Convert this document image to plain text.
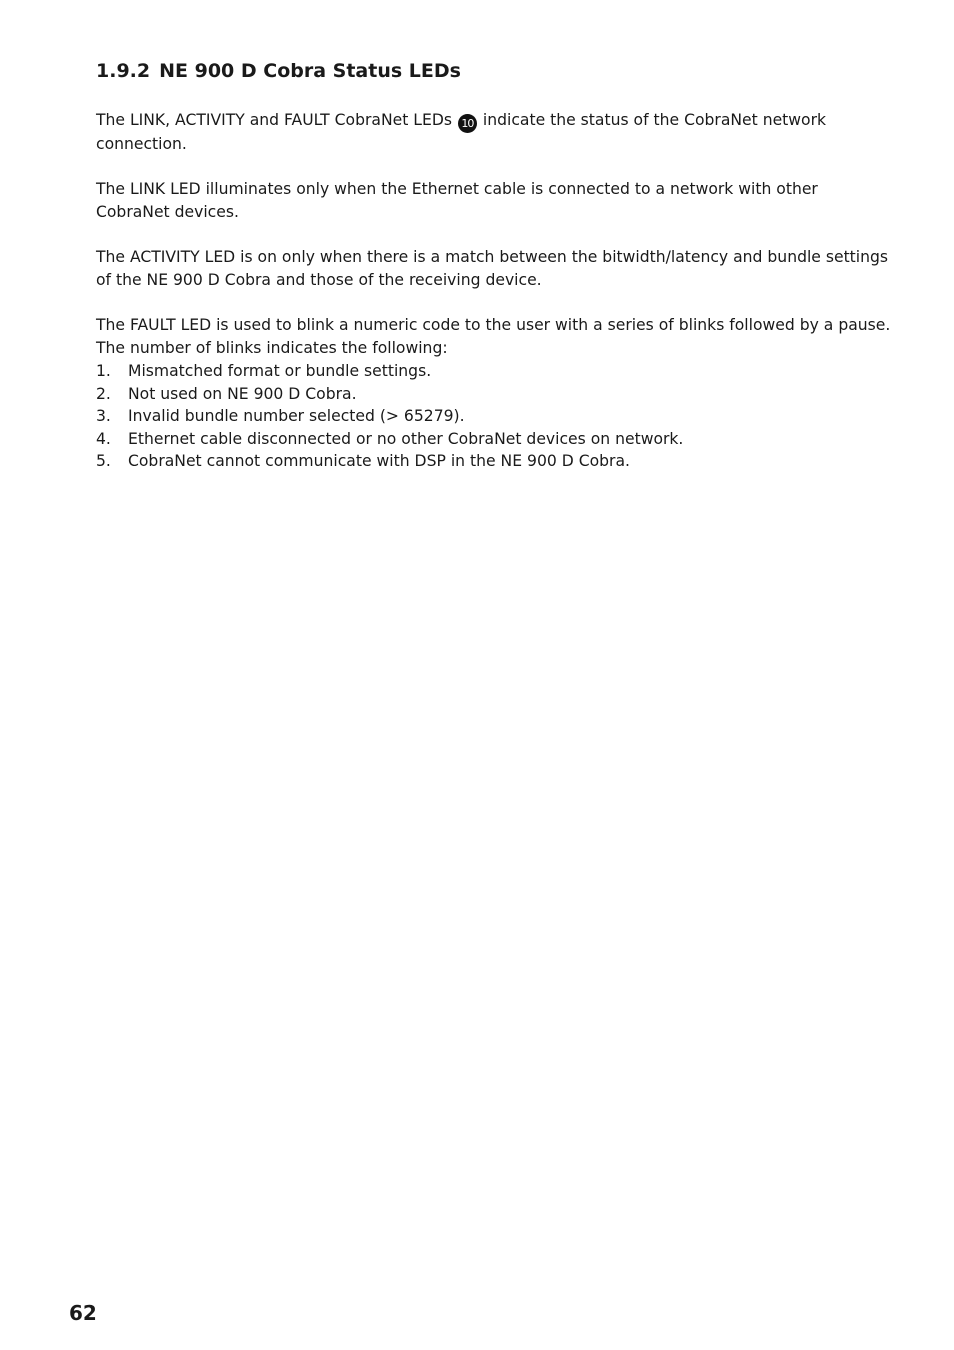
1.9.2 NE 900 D Cobra Status LEDs

The LINK, ACTIVITY and FAULT CobraNet LEDs 10 indicate the status of the CobraNet network connection.

The LINK LED illuminates only when the Ethernet cable is connected to a network with other CobraNet devices.

The ACTIVITY LED is on only when there is a match between the bitwidth/latency and bundle settings of the NE 900 D Cobra and those of the receiving device.

The FAULT LED is used to blink a numeric code to the user with a series of blinks followed by a pause. The number of blinks indicates the following:

1.	Mismatched format or bundle settings.
2.	Not used on NE 900 D Cobra.
3.	Invalid bundle number selected (> 65279).
4.	Ethernet cable disconnected or no other CobraNet devices on network.
5.	CobraNet cannot communicate with DSP in the NE 900 D Cobra.
62
